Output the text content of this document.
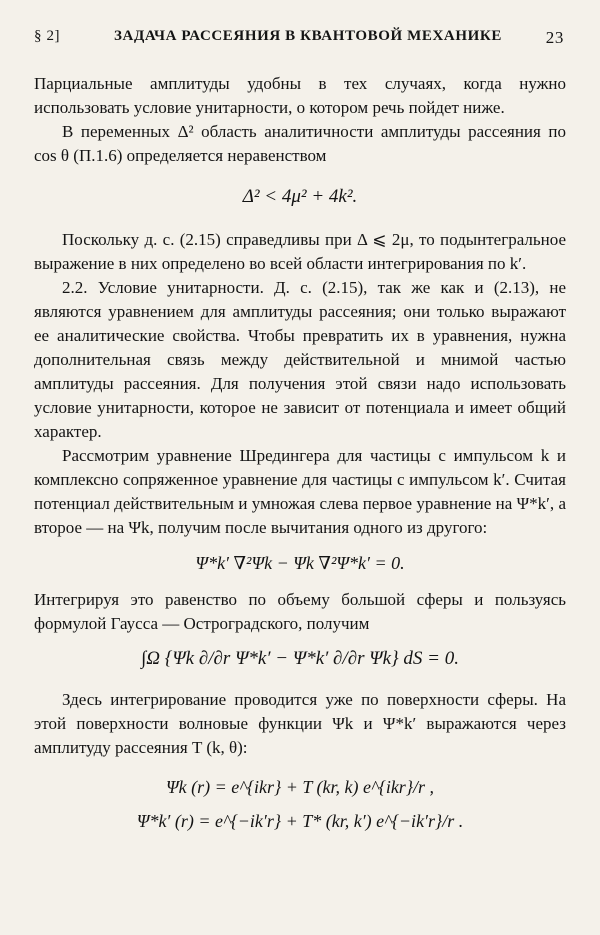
§ 2]	ЗАДАЧА РАССЕЯНИЯ В КВАНТОВОЙ МЕХАНИКЕ	23

Парциальные амплитуды удобны в тех случаях, когда нужно использовать условие унитарности, о котором речь пойдет ниже.

В переменных Δ² область аналитичности амплитуды рассеяния по cos θ (П.1.6) определяется неравенством

Δ² < 4μ² + 4k².

Поскольку д. с. (2.15) справедливы при Δ ⩽ 2μ, то подынтегральное выражение в них определено во всей области интегрирования по k′.

2.2. Условие унитарности. Д. с. (2.15), так же как и (2.13), не являются уравнением для амплитуды рассеяния; они только выражают ее аналитические свойства. Чтобы превратить их в уравнения, нужна дополнительная связь между действительной и мнимой частью амплитуды рассеяния. Для получения этой связи надо использовать условие унитарности, которое не зависит от потенциала и имеет общий характер.

Рассмотрим уравнение Шредингера для частицы с импульсом k и комплексно сопряженное уравнение для частицы с импульсом k′. Считая потенциал действительным и умножая слева первое уравнение на Ψ*k′, а второе — на Ψk, получим после вычитания одного из другого:

Ψ*k′ ∇²Ψk − Ψk ∇²Ψ*k′ = 0.

Интегрируя это равенство по объему большой сферы и пользуясь формулой Гаусса — Остроградского, получим

∫Ω {Ψk ∂/∂r Ψ*k′ − Ψ*k′ ∂/∂r Ψk} dS = 0.

Здесь интегрирование проводится уже по поверхности сферы. На этой поверхности волновые функции Ψk и Ψ*k′ выражаются через амплитуду рассеяния T (k, θ):

Ψk (r) = e^{ikr} + T (kr, k) e^{ikr}/r ,
Ψ*k′ (r) = e^{−ik′r} + T* (kr, k′) e^{−ik′r}/r .
